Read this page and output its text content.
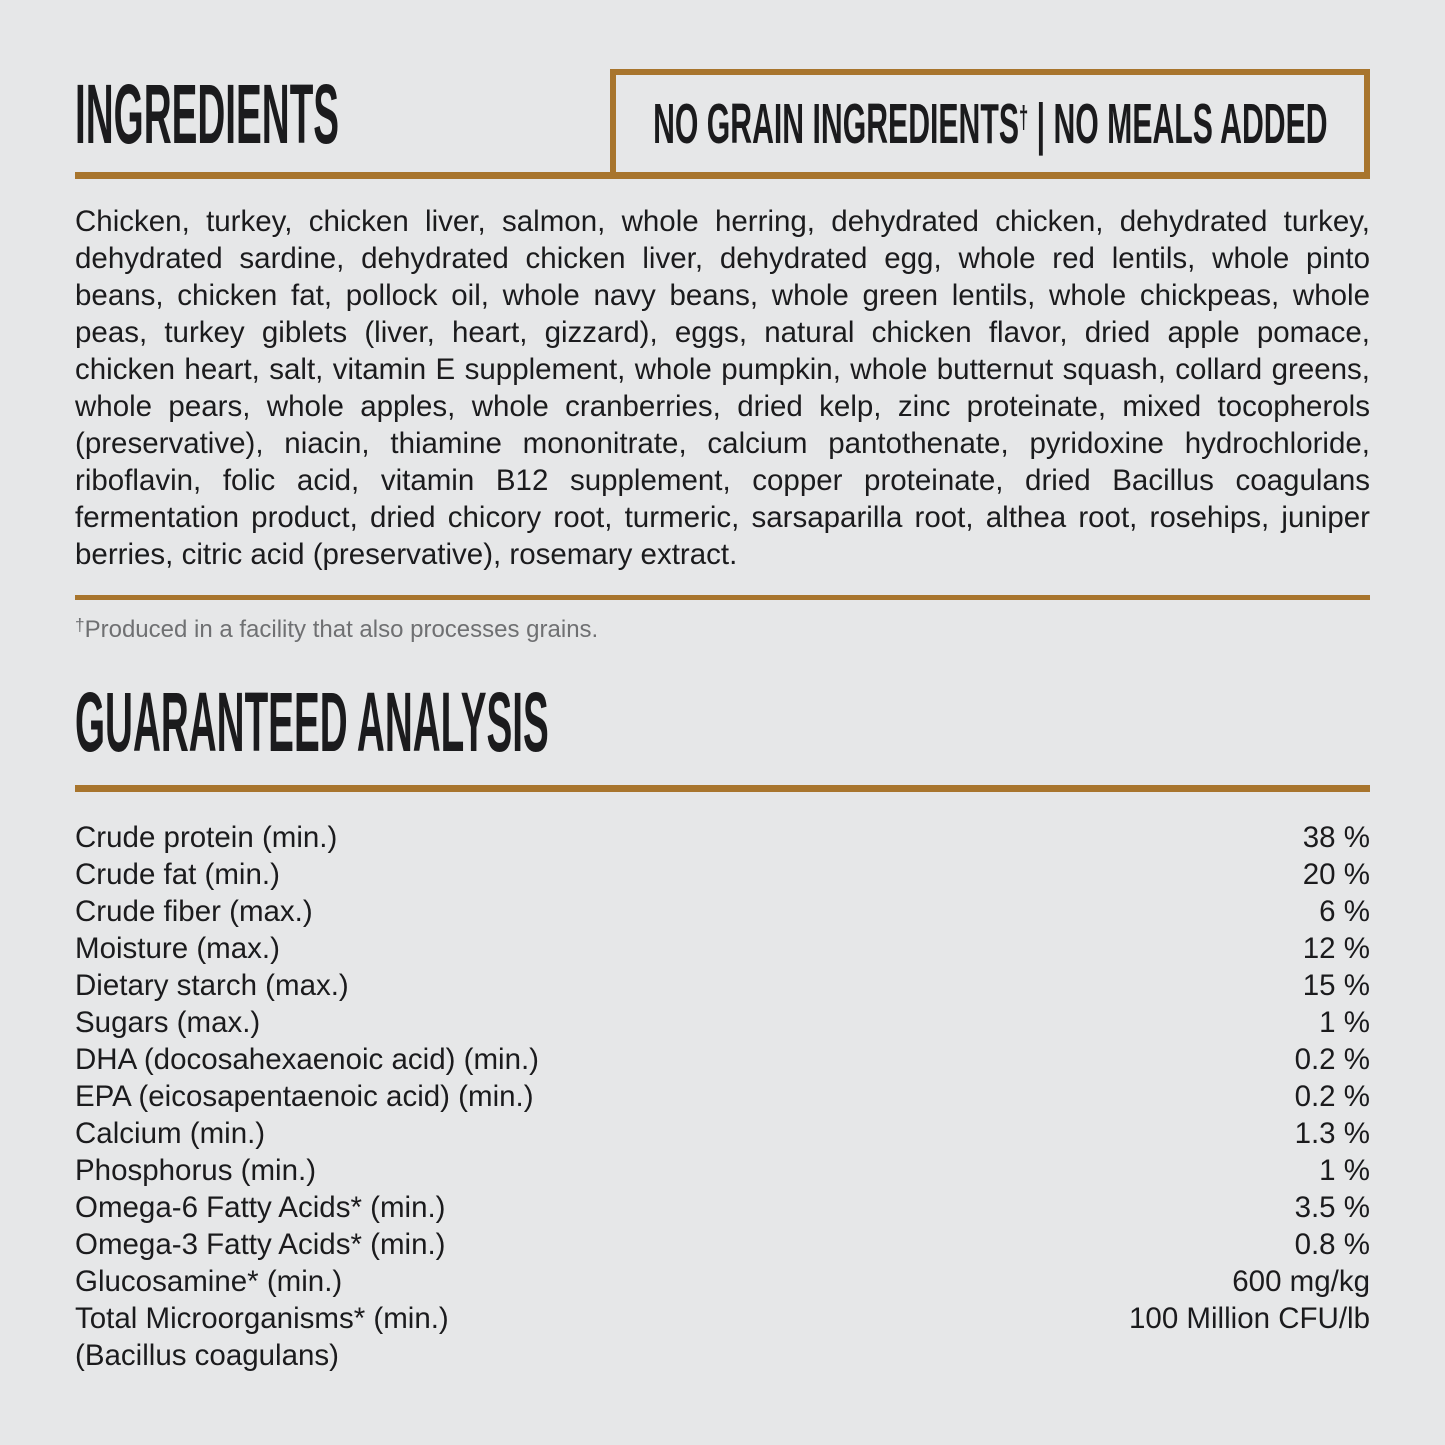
INGREDIENTS	NO GRAIN INGREDIENTS† | NO MEALS ADDED

Chicken, turkey, chicken liver, salmon, whole herring, dehydrated chicken, dehydrated turkey, dehydrated sardine, dehydrated chicken liver, dehydrated egg, whole red lentils, whole pinto beans, chicken fat, pollock oil, whole navy beans, whole green lentils, whole chickpeas, whole peas, turkey giblets (liver, heart, gizzard), eggs, natural chicken flavor, dried apple pomace, chicken heart, salt, vitamin E supplement, whole pumpkin, whole butternut squash, collard greens, whole pears, whole apples, whole cranberries, dried kelp, zinc proteinate, mixed tocopherols (preservative), niacin, thiamine mononitrate, calcium pantothenate, pyridoxine hydrochloride, riboflavin, folic acid, vitamin B12 supplement, copper proteinate, dried Bacillus coagulans fermentation product, dried chicory root, turmeric, sarsaparilla root, althea root, rosehips, juniper berries, citric acid (preservative), rosemary extract.

†Produced in a facility that also processes grains.

GUARANTEED ANALYSIS
Crude protein (min.)	38 %
Crude fat (min.)	20 %
Crude fiber (max.)	6 %
Moisture (max.)	12 %
Dietary starch (max.)	15 %
Sugars (max.)	1 %
DHA (docosahexaenoic acid) (min.)	0.2 %
EPA (eicosapentaenoic acid) (min.)	0.2 %
Calcium (min.)	1.3 %
Phosphorus (min.)	1 %
Omega-6 Fatty Acids* (min.)	3.5 %
Omega-3 Fatty Acids* (min.)	0.8 %
Glucosamine* (min.)	600 mg/kg
Total Microorganisms* (min.)	100 Million CFU/lb
(Bacillus coagulans)
